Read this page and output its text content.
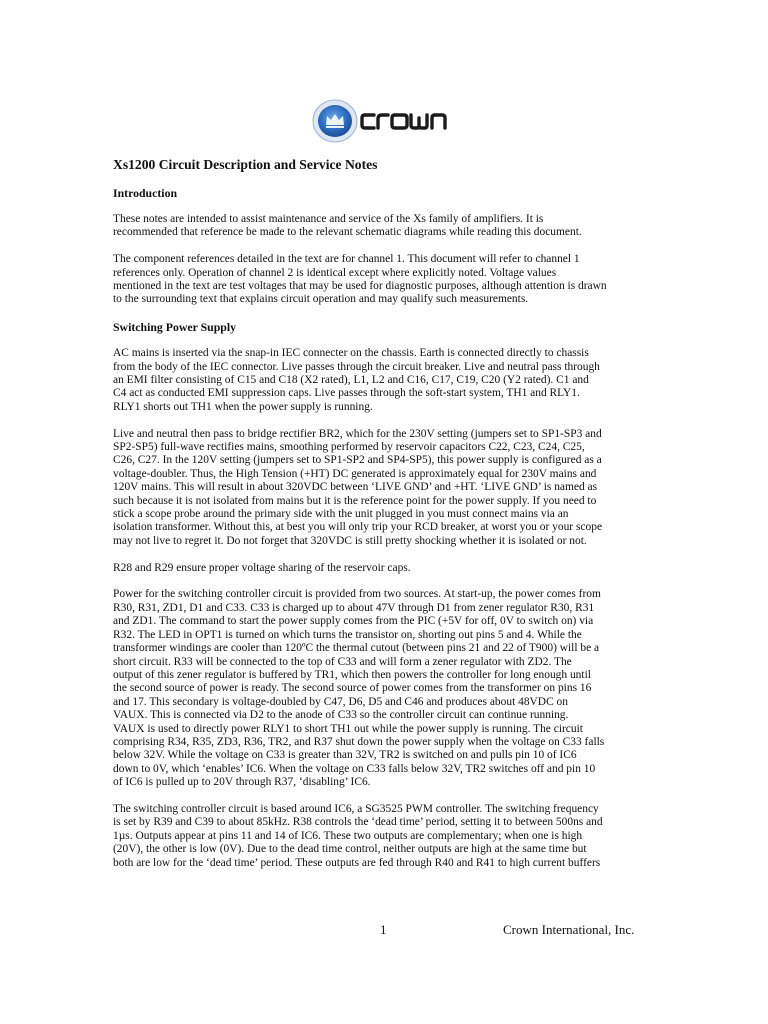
Xs1200 Circuit Description and Service Notes
Introduction
These notes are intended to assist maintenance and service of the Xs family of amplifiers. It is
recommended that reference be made to the relevant schematic diagrams while reading this document.
The component references detailed in the text are for channel 1. This document will refer to channel 1
references only. Operation of channel 2 is identical except where explicitly noted. Voltage values
mentioned in the text are test voltages that may be used for diagnostic purposes, although attention is drawn
to the surrounding text that explains circuit operation and may qualify such measurements.
Switching Power Supply
AC mains is inserted via the snap-in IEC connecter on the chassis. Earth is connected directly to chassis
from the body of the IEC connector. Live passes through the circuit breaker. Live and neutral pass through
an EMI filter consisting of C15 and C18 (X2 rated), L1, L2 and C16, C17, C19, C20 (Y2 rated). C1 and
C4 act as conducted EMI suppression caps. Live passes through the soft-start system, TH1 and RLY1.
RLY1 shorts out TH1 when the power supply is running.
Live and neutral then pass to bridge rectifier BR2, which for the 230V setting (jumpers set to SP1-SP3 and
SP2-SP5) full-wave rectifies mains, smoothing performed by reservoir capacitors C22, C23, C24, C25,
C26, C27. In the 120V setting (jumpers set to SP1-SP2 and SP4-SP5), this power supply is configured as a
voltage-doubler. Thus, the High Tension (+HT) DC generated is approximately equal for 230V mains and
120V mains. This will result in about 320VDC between ‘LIVE GND’ and +HT. ‘LIVE GND’ is named as
such because it is not isolated from mains but it is the reference point for the power supply. If you need to
stick a scope probe around the primary side with the unit plugged in you must connect mains via an
isolation transformer. Without this, at best you will only trip your RCD breaker, at worst you or your scope
may not live to regret it. Do not forget that 320VDC is still pretty shocking whether it is isolated or not.
R28 and R29 ensure proper voltage sharing of the reservoir caps.
Power for the switching controller circuit is provided from two sources. At start-up, the power comes from
R30, R31, ZD1, D1 and C33. C33 is charged up to about 47V through D1 from zener regulator R30, R31
and ZD1. The command to start the power supply comes from the PIC (+5V for off, 0V to switch on) via
R32. The LED in OPT1 is turned on which turns the transistor on, shorting out pins 5 and 4. While the
transformer windings are cooler than 120ºC the thermal cutout (between pins 21 and 22 of T900) will be a
short circuit. R33 will be connected to the top of C33 and will form a zener regulator with ZD2. The
output of this zener regulator is buffered by TR1, which then powers the controller for long enough until
the second source of power is ready. The second source of power comes from the transformer on pins 16
and 17. This secondary is voltage-doubled by C47, D6, D5 and C46 and produces about 48VDC on
VAUX. This is connected via D2 to the anode of C33 so the controller circuit can continue running.
VAUX is used to directly power RLY1 to short TH1 out while the power supply is running. The circuit
comprising R34, R35, ZD3, R36, TR2, and R37 shut down the power supply when the voltage on C33 falls
below 32V. While the voltage on C33 is greater than 32V, TR2 is switched on and pulls pin 10 of IC6
down to 0V, which ‘enables’ IC6. When the voltage on C33 falls below 32V, TR2 switches off and pin 10
of IC6 is pulled up to 20V through R37, ‘disabling’ IC6.
The switching controller circuit is based around IC6, a SG3525 PWM controller. The switching frequency
is set by R39 and C39 to about 85kHz. R38 controls the ‘dead time’ period, setting it to between 500ns and
1µs. Outputs appear at pins 11 and 14 of IC6. These two outputs are complementary; when one is high
(20V), the other is low (0V). Due to the dead time control, neither outputs are high at the same time but
both are low for the ‘dead time’ period. These outputs are fed through R40 and R41 to high current buffers
1	Crown International, Inc.
